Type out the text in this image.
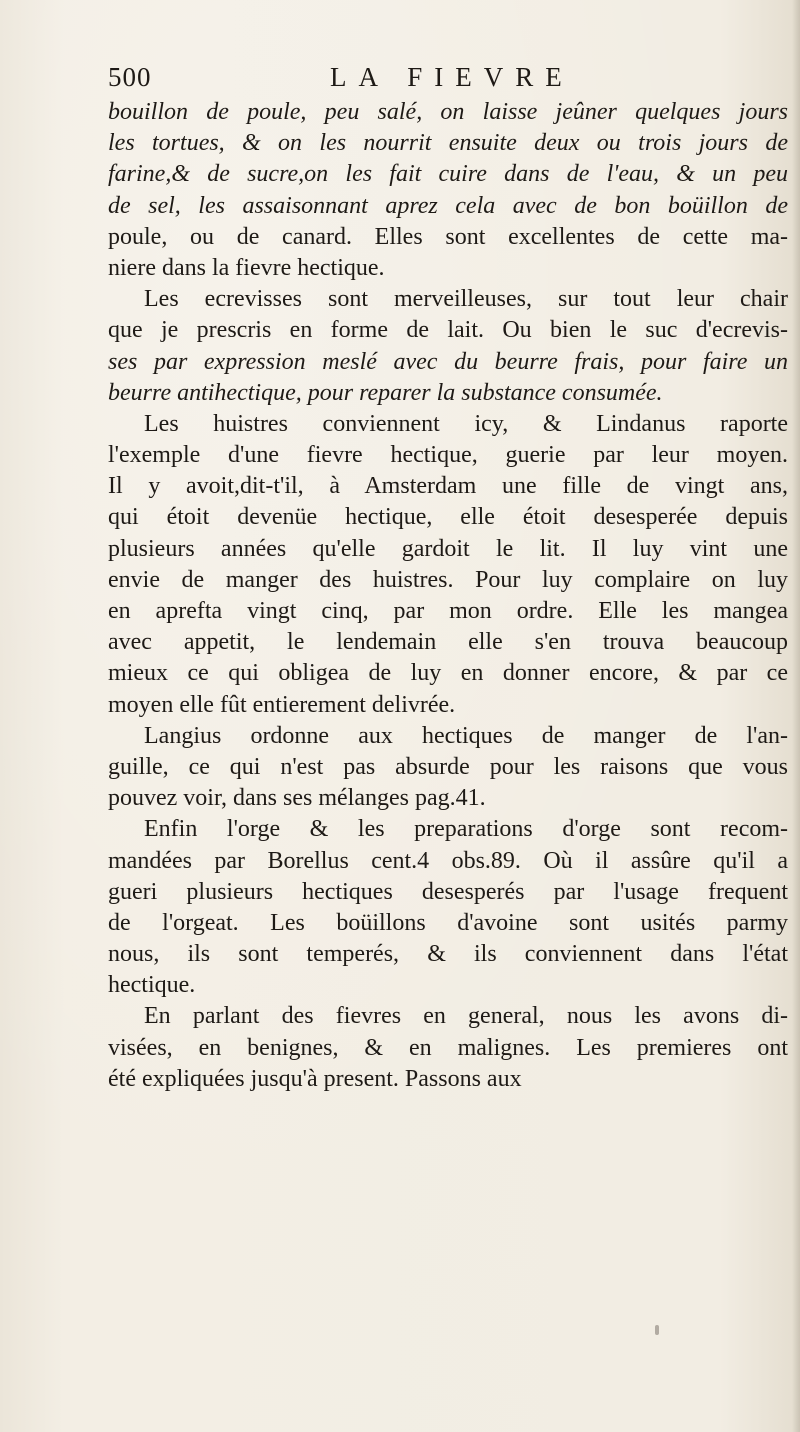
500	LA FIEVRE
bouillon de poule, peu salé, on laisse jeûner quelques jours
les tortues, & on les nourrit ensuite deux ou trois jours de
farine,& de sucre,on les fait cuire dans de l'eau, & un peu
de sel, les assaisonnant aprez cela avec de bon boüillon de
poule, ou de canard. Elles sont excellentes de cette ma-
niere dans la fievre hectique.
Les ecrevisses sont merveilleuses, sur tout leur chair
que je prescris en forme de lait. Ou bien le suc d'ecrevis-
ses par expression meslé avec du beurre frais, pour faire un
beurre antihectique, pour reparer la substance consumée.
Les huistres conviennent icy, & Lindanus raporte
l'exemple d'une fievre hectique, guerie par leur moyen.
Il y avoit,dit-t'il, à Amsterdam une fille de vingt ans,
qui étoit devenüe hectique, elle étoit desesperée depuis
plusieurs années qu'elle gardoit le lit. Il luy vint une
envie de manger des huistres. Pour luy complaire on luy
en aprefta vingt cinq, par mon ordre. Elle les mangea
avec appetit, le lendemain elle s'en trouva beaucoup
mieux ce qui obligea de luy en donner encore, & par ce
moyen elle fût entierement delivrée.
Langius ordonne aux hectiques de manger de l'an-
guille, ce qui n'est pas absurde pour les raisons que vous
pouvez voir, dans ses mélanges pag.41.
Enfin l'orge & les preparations d'orge sont recom-
mandées par Borellus cent.4 obs.89. Où il assûre qu'il a
gueri plusieurs hectiques desesperés par l'usage frequent
de l'orgeat. Les boüillons d'avoine sont usités parmy
nous, ils sont temperés, & ils conviennent dans l'état
hectique.
En parlant des fievres en general, nous les avons di-
visées, en benignes, & en malignes. Les premieres ont
été expliquées jusqu'à present. Passons aux
